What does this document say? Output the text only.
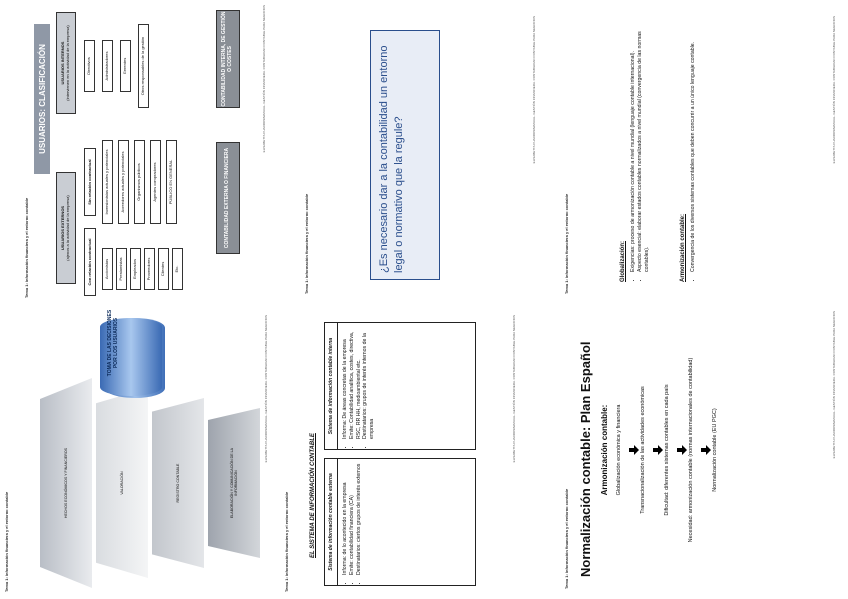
Tema 1: Información financiera y el entorno contable
ELISABETTA CUADROS/MANUAL- GESTIÓN FINANCIERA. CONTABILIDAD CONTABLE PARA NEGOCIOS
HECHOS ECONÓMICOS Y FINANCIEROS	VALORACIÓN	REGISTRO CONTABLE	ELABORACIÓN Y COMUNICACIÓN DE LA INFORMACIÓN
TOMA DE LAS DECISIONES POR LOS USUARIOS
Tema 1: Información financiera y el entorno contable	EL SISTEMA DE INFORMACIÓN CONTABLE	Sistema de información contable externa	• Informa: de lo acontecido en la empresa • Emite: contabilidad financiera (CA) • Destinatarios: ciertos grupos de interés externos
Sistema de información contable interna	• Informa: De áreas concretas de la empresa • Emite: Contabilidad analítica, costes, directiva, RSC, RR HH, medioambiental etc. • Destinatarios: grupos de interés internos de la empresa	ELISABETTA CUADROS/MANUAL- GESTIÓN FINANCIERA. CONTABILIDAD CONTABLE PARA NEGOCIOS
Tema 1: Información financiera y el entorno contable
USUARIOS: CLASIFICACIÓN
USUARIOS EXTERNOS (ajenos a la actividad de la empresa)
USUARIOS INTERNOS (intervienen en la actividad de la empresa)
Con relación contractual
Sin relación contractual
Accionistas	Prestamistas	Empleados	Proveedores	Clientes	Etc.
Inversionistas actuales y potenciales	Acreedores actuales y potenciales	Organismos públicos	Agentes compradores	PÚBLICO EN GENERAL
Directivos	Administradores	Gerentes	Otros responsables de la gestión
CONTABILIDAD EXTERNA O FINANCIERA
CONTABILIDAD INTERNA, DE GESTIÓN O COSTES	ELISABETTA CUADROS/MANUAL- GESTIÓN FINANCIERA. CONTABILIDAD CONTABLE PARA NEGOCIOS
Tema 1: Información financiera y el entorno contable	¿Es necesario dar a la contabilidad un entorno legal o normativo que la regule?
ELISABETTA CUADROS/MANUAL- GESTIÓN FINANCIERA. CONTABILIDAD CONTABLE PARA NEGOCIOS
Tema 1: Información financiera y el entorno contable	Globalización: • Exigencias: proceso de armonización contable a nivel mundial (lenguaje contable internacional). • Aspecto esencial: elaborar estados contables normalizados a nivel mundial (convergencia de las normas contables).	Armonización contable: • Convergencia de los diversos sistemas contables que deben concurrir a un único lenguaje contable.	ELISABETTA CUADROS/MANUAL- GESTIÓN FINANCIERA. CONTABILIDAD CONTABLE PARA NEGOCIOS
Tema 1: Información financiera y el entorno contable Normalización contable: Plan Español Armonización contable: Globalización económica y financiera	Transnacionalización de las actividades económicas	Dificultad: diferentes sistemas contables en cada país	Necesidad: armonización contable (normas internacionales de contabilidad)	Normalización contable (EU PGC)	ELISABETTA CUADROS/MANUAL- GESTIÓN FINANCIERA. CONTABILIDAD CONTABLE PARA NEGOCIOS
